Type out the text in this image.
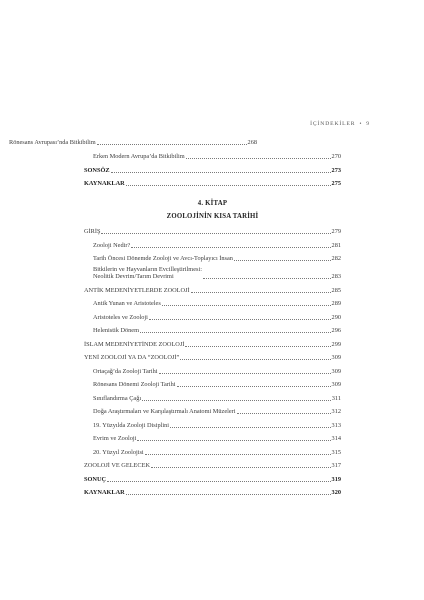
İÇİNDEKİLER • 9
Rönesans Avrupası’nda Bitkibilim	268
Erken Modern Avrupa’da Bitkibilim	270
SONSÖZ	273
KAYNAKLAR	275
4. KİTAP
ZOOLOJİNİN KISA TARİHİ
GİRİŞ	279
Zooloji Nedir?	281
Tarih Öncesi Dönemde Zooloji ve Avcı-Toplayıcı İnsan	282
Bitkilerin ve Hayvanların Evcilleştirilmesi:
Neolitik Devrim/Tarım Devrimi	283
ANTİK MEDENİYETLERDE ZOOLOJİ	285
Antik Yunan ve Aristoteles	289
Aristoteles ve Zooloji	290
Helenistik Dönem	296
İSLAM MEDENİYETİNDE ZOOLOJİ	299
YENİ ZOOLOJİ YA DA “ZOOLOJİ”	309
Ortaçağ’da Zooloji Tarihi	309
Rönesans Dönemi Zooloji Tarihi	309
Sınıflandırma Çağı	311
Doğa Araştırmaları ve Karşılaştırmalı Anatomi Müzeleri	312
19. Yüzyılda Zooloji Disiplini	313
Evrim ve Zooloji	314
20. Yüzyıl Zoolojisi	315
ZOOLOJİ VE GELECEK	317
SONUÇ	319
KAYNAKLAR	320
